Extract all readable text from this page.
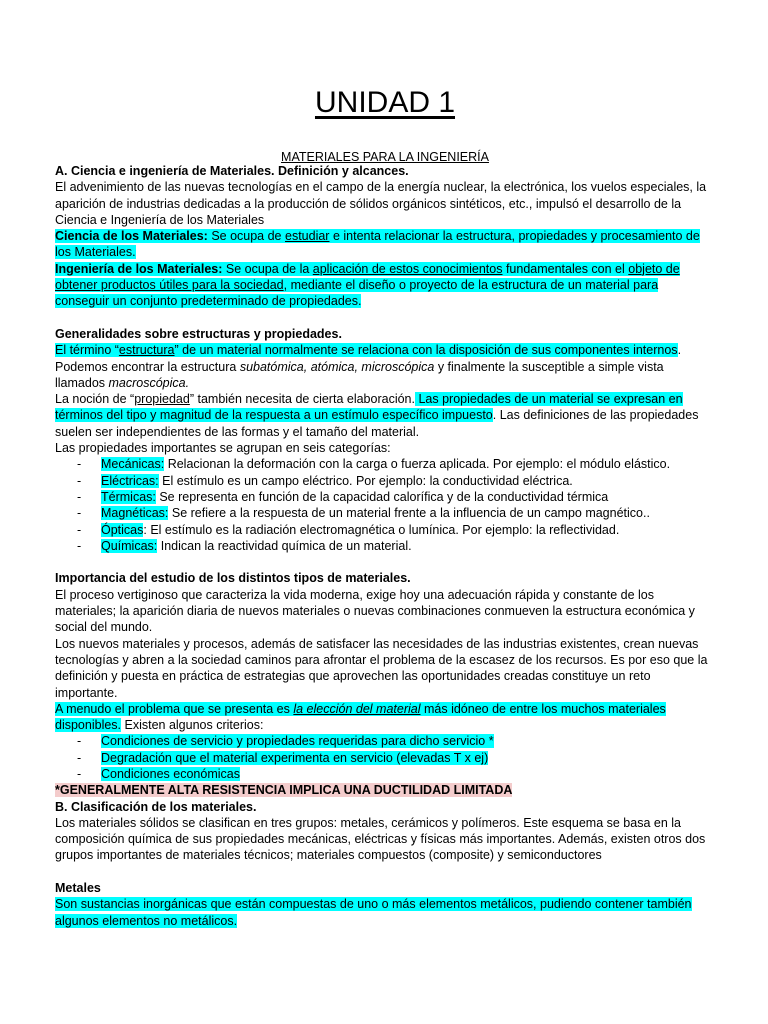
UNIDAD 1
MATERIALES PARA LA INGENIERÍA

A. Ciencia e ingeniería de Materiales. Definición y alcances.

El advenimiento de las nuevas tecnologías en el campo de la energía nuclear, la electrónica, los vuelos especiales, la aparición de industrias dedicadas a la producción de sólidos orgánicos sintéticos, etc., impulsó el desarrollo de la Ciencia e Ingeniería de los Materiales

Ciencia de los Materiales: Se ocupa de estudiar e intenta relacionar la estructura, propiedades y procesamiento de los Materiales.

Ingeniería de los Materiales: Se ocupa de la aplicación de estos conocimientos fundamentales con el objeto de obtener productos útiles para la sociedad, mediante el diseño o proyecto de la estructura de un material para conseguir un conjunto predeterminado de propiedades.

Generalidades sobre estructuras y propiedades.

El término “estructura” de un material normalmente se relaciona con la disposición de sus componentes internos.

Podemos encontrar la estructura subatómica, atómica, microscópica y finalmente la susceptible a simple vista llamados macroscópica.

La noción de “propiedad” también necesita de cierta elaboración. Las propiedades de un material se expresan en términos del tipo y magnitud de la respuesta a un estímulo específico impuesto. Las definiciones de las propiedades suelen ser independientes de las formas y el tamaño del material.

Las propiedades importantes se agrupan en seis categorías:

- Mecánicas: Relacionan la deformación con la carga o fuerza aplicada. Por ejemplo: el módulo elástico.
- Eléctricas: El estímulo es un campo eléctrico. Por ejemplo: la conductividad eléctrica.
- Térmicas: Se representa en función de la capacidad calorífica y de la conductividad térmica
- Magnéticas: Se refiere a la respuesta de un material frente a la influencia de un campo magnético..
- Ópticas: El estímulo es la radiación electromagnética o lumínica. Por ejemplo: la reflectividad.
- Químicas: Indican la reactividad química de un material.

Importancia del estudio de los distintos tipos de materiales.

El proceso vertiginoso que caracteriza la vida moderna, exige hoy una adecuación rápida y constante de los materiales; la aparición diaria de nuevos materiales o nuevas combinaciones conmueven la estructura económica y social del mundo.

Los nuevos materiales y procesos, además de satisfacer las necesidades de las industrias existentes, crean nuevas tecnologías y abren a la sociedad caminos para afrontar el problema de la escasez de los recursos. Es por eso que la definición y puesta en práctica de estrategias que aprovechen las oportunidades creadas constituye un reto importante.

A menudo el problema que se presenta es la elección del material más idóneo de entre los muchos materiales disponibles. Existen algunos criterios:

- Condiciones de servicio y propiedades requeridas para dicho servicio *
- Degradación que el material experimenta en servicio (elevadas T x ej)
- Condiciones económicas

*GENERALMENTE ALTA RESISTENCIA IMPLICA UNA DUCTILIDAD LIMITADA

B. Clasificación de los materiales.

Los materiales sólidos se clasifican en tres grupos: metales, cerámicos y polímeros. Este esquema se basa en la composición química de sus propiedades mecánicas, eléctricas y físicas más importantes. Además, existen otros dos grupos importantes de materiales técnicos; materiales compuestos (composite) y semiconductores

Metales

Son sustancias inorgánicas que están compuestas de uno o más elementos metálicos, pudiendo contener también algunos elementos no metálicos.
